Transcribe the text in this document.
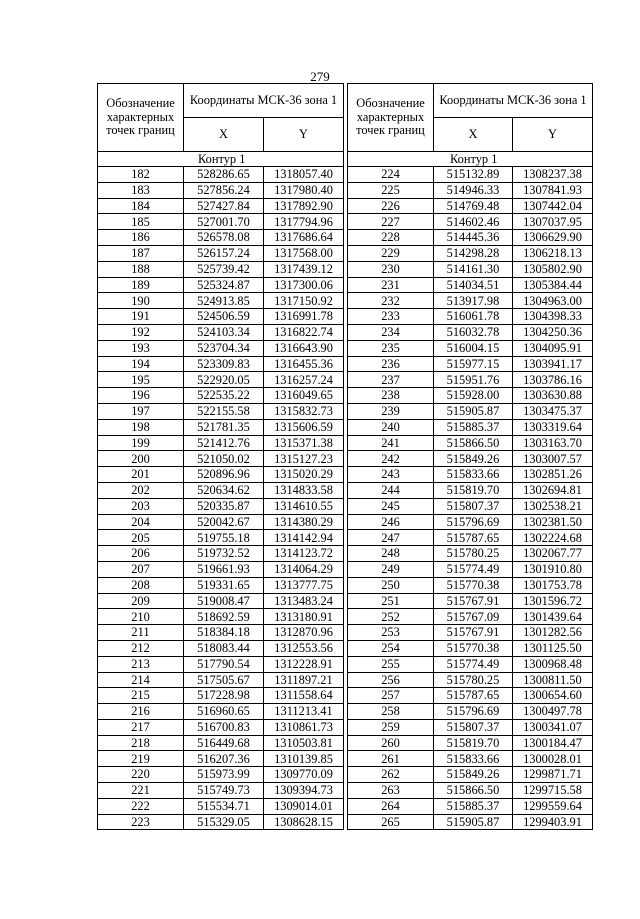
279
Обозначение характерных точек границ	Координаты МСК-36 зона 1	
	X	Y
Контур 1		
182	528286.65	1318057.40
183	527856.24	1317980.40
184	527427.84	1317892.90
185	527001.70	1317794.96
186	526578.08	1317686.64
187	526157.24	1317568.00
188	525739.42	1317439.12
189	525324.87	1317300.06
190	524913.85	1317150.92
191	524506.59	1316991.78
192	524103.34	1316822.74
193	523704.34	1316643.90
194	523309.83	1316455.36
195	522920.05	1316257.24
196	522535.22	1316049.65
197	522155.58	1315832.73
198	521781.35	1315606.59
199	521412.76	1315371.38
200	521050.02	1315127.23
201	520896.96	1315020.29
202	520634.62	1314833.58
203	520335.87	1314610.55
204	520042.67	1314380.29
205	519755.18	1314142.94
206	519732.52	1314123.72
207	519661.93	1314064.29
208	519331.65	1313777.75
209	519008.47	1313483.24
210	518692.59	1313180.91
211	518384.18	1312870.96
212	518083.44	1312553.56
213	517790.54	1312228.91
214	517505.67	1311897.21
215	517228.98	1311558.64
216	516960.65	1311213.41
217	516700.83	1310861.73
218	516449.68	1310503.81
219	516207.36	1310139.85
220	515973.99	1309770.09
221	515749.73	1309394.73
222	515534.71	1309014.01
223	515329.05	1308628.15
Обозначение характерных точек границ	Координаты МСК-36 зона 1	
	X	Y
Контур 1		
224	515132.89	1308237.38
225	514946.33	1307841.93
226	514769.48	1307442.04
227	514602.46	1307037.95
228	514445.36	1306629.90
229	514298.28	1306218.13
230	514161.30	1305802.90
231	514034.51	1305384.44
232	513917.98	1304963.00
233	516061.78	1304398.33
234	516032.78	1304250.36
235	516004.15	1304095.91
236	515977.15	1303941.17
237	515951.76	1303786.16
238	515928.00	1303630.88
239	515905.87	1303475.37
240	515885.37	1303319.64
241	515866.50	1303163.70
242	515849.26	1303007.57
243	515833.66	1302851.26
244	515819.70	1302694.81
245	515807.37	1302538.21
246	515796.69	1302381.50
247	515787.65	1302224.68
248	515780.25	1302067.77
249	515774.49	1301910.80
250	515770.38	1301753.78
251	515767.91	1301596.72
252	515767.09	1301439.64
253	515767.91	1301282.56
254	515770.38	1301125.50
255	515774.49	1300968.48
256	515780.25	1300811.50
257	515787.65	1300654.60
258	515796.69	1300497.78
259	515807.37	1300341.07
260	515819.70	1300184.47
261	515833.66	1300028.01
262	515849.26	1299871.71
263	515866.50	1299715.58
264	515885.37	1299559.64
265	515905.87	1299403.91
